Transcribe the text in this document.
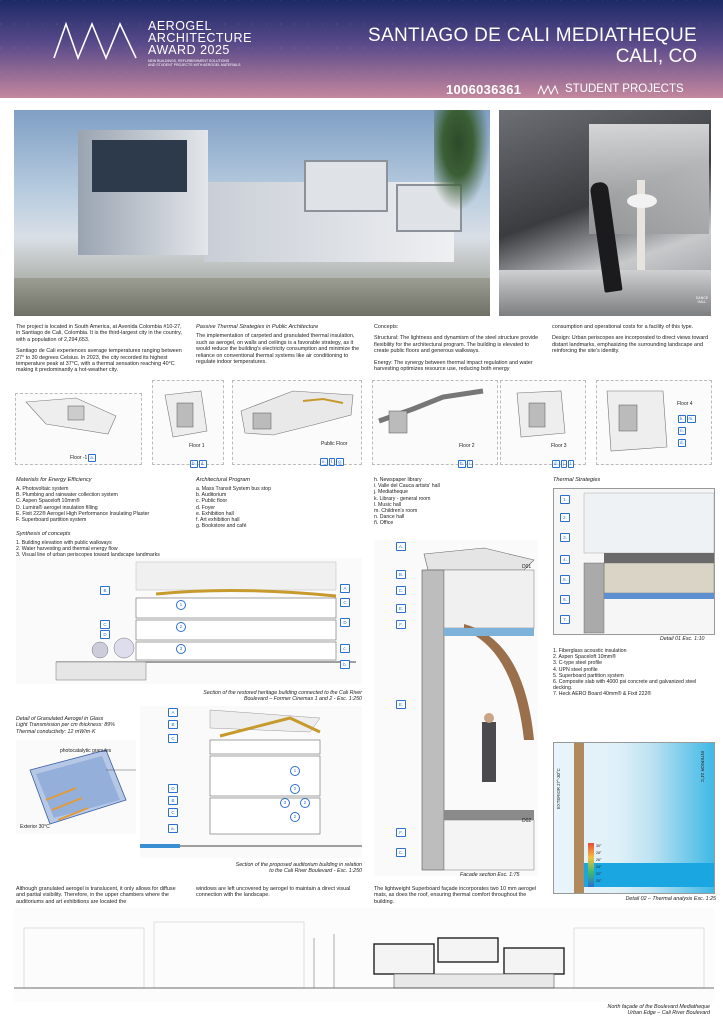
AEROGEL
ARCHITECTURE
AWARD 2025
NEW BUILDINGS, REFURBISHMENT SOLUTIONS
AND STUDENT PROJECTS WITH AEROGEL MATERIALS
SANTIAGO DE CALI MEDIATHEQUE
CALI, CO
1006036361	STUDENT PROJECTS
DANCE HALL

The project is located in South America, at Avenida Colombia #10-27, in Santiago de Cali, Colombia. It is the third-largest city in the country, with a population of 2,294,653.

Santiago de Cali experiences average temperatures ranging between 27° to 30 degrees Celsius. In 2023, the city recorded its highest temperature peak at 37°C, with a thermal sensation reaching 40°C making it predominantly a hot-weather city.

Passive Thermal Strategies in Public Architecture

The implementation of carpeted and granulated thermal insulation, such as aerogel, on walls and ceilings is a favorable strategy, as it would reduce the building's electricity consumption and minimize the reliance on conventional thermal systems like air conditioning to regulate indoor temperatures.

Concepts:

Structural: The lightness and dynamism of the steel structure provide flexibility for the architectural program. The building is elevated to create public floors and generous walkways.

Energy: The synergy between thermal impact regulation and water harvesting optimizes resource use, reducing both energy

consumption and operational costs for a facility of this type.

Design: Urban periscopes are incorporated to direct views toward distant landmarks, emphasizing the surrounding landscape and reinforcing the site's identity.

Floor -1 a.
Floor 1
b. d.
Public Floor
e. f. g.
Floor 2
h. i.
Floor 3
d. j. l.
Floor 4
k. m.
n.
d.
Materials for Energy Efficiency
A. Photovoltaic system
B. Plumbing and rainwater collection system
C. Aspen Spaceloft 10mm®
D. Lumira® aerogel insulation filling
E. Fixit 222® Aerogel High Performance Insulating Plaster
F. Superboard partition system
Synthesis of concepts
1. Building elevation with public walkways
2. Water harvesting and thermal energy flow
3. Visual line of urban periscopes toward landscape landmarks
Architectural Program
a. Mass Transit System bus stop
b. Auditorium
c. Public floor
d. Foyer
e. Exhibition hall
f. Art exhibition hall
g. Bookstore and café
h. Newspaper library
i. Valle del Cauca artists' hall
j. Mediatheque
k. Library - general room
l. Music hall
m. Children's room
n. Dance hall
ñ. Office
B
C
D
A
C
D
c.
b.
1
2
3
Section of the restored heritage building connected to the Cali River
Boulevard – Former Cinemas 1 and 2 - Esc. 1:250
Detail of Granulated Aerogel in Glass
Light Transmission per cm thickness: 89%
Thermal conductivity: 12 mW/m·K
photocatalytic granules
Exterior 30°C
A
B
C
D
B
C
a.
1
2
3	2
2
Section of the proposed auditorium building in relation
to the Cali River Boulevard - Esc. 1:250
A.
B.
C.
E.
F.
E.
F.
C.
D01
D02
Facade section Esc. 1:75
Thermal Strategies
1.
2.
3.
4.
5.
6.
7.
Detail 01 Esc. 1:10
1. Fiberglass acoustic insulation
2. Aspen Spaceloft 10mm®
3. C-type steel profile
4. UPN steel profile
5. Superboard partition system
6. Composite slab with 4000 psi concrete and galvanized steel decking.
7. Heck AERO Board 40mm® & Fixit 222®
EXTERIOR 27°-30°C
INTERIOR 24°C
30°
28°
26°
24°
22°
20°
Detail 02 – Thermal analysis Esc. 1:25
Although granulated aerogel is translucent, it only allows for diffuse and partial visibility. Therefore, in the upper chambers where the auditoriums and art exhibitions are located the
windows are left uncovered by aerogel to maintain a direct visual connection with the landscape.
The lightweight Superboard façade incorporates two 10 mm aerogel mats, as does the roof, ensuring thermal comfort throughout the building.
North façade of the Boulevard Mediatheque
Urban Edge – Cali River Boulevard
